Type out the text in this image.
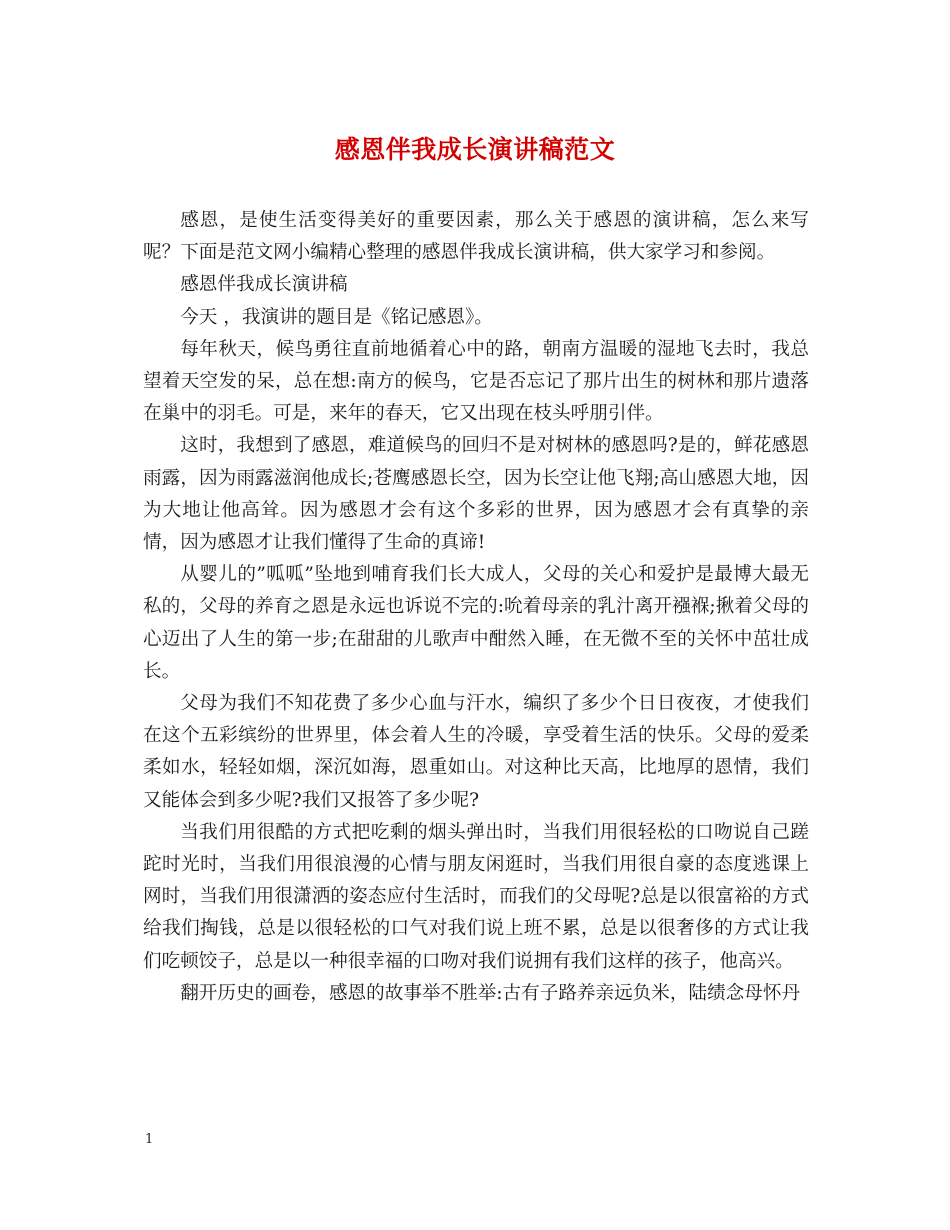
感恩伴我成长演讲稿范文

感恩，是使生活变得美好的重要因素，那么关于感恩的演讲稿，怎么来写呢？下面是范文网小编精心整理的感恩伴我成长演讲稿，供大家学习和参阅。

感恩伴我成长演讲稿

今天 ，我演讲的题目是《铭记感恩》。

每年秋天，候鸟勇往直前地循着心中的路，朝南方温暖的湿地飞去时，我总望着天空发的呆，总在想:南方的候鸟，它是否忘记了那片出生的树林和那片遗落在巢中的羽毛。可是，来年的春天，它又出现在枝头呼朋引伴。

这时，我想到了感恩，难道候鸟的回归不是对树林的感恩吗?是的，鲜花感恩雨露，因为雨露滋润他成长;苍鹰感恩长空，因为长空让他飞翔;高山感恩大地，因为大地让他高耸。因为感恩才会有这个多彩的世界，因为感恩才会有真挚的亲情，因为感恩才让我们懂得了生命的真谛!

从婴儿的”呱呱”坠地到哺育我们长大成人，父母的关心和爱护是最博大最无私的，父母的养育之恩是永远也诉说不完的:吮着母亲的乳汁离开襁褓;揪着父母的心迈出了人生的第一步;在甜甜的儿歌声中酣然入睡，在无微不至的关怀中茁壮成长。

父母为我们不知花费了多少心血与汗水，编织了多少个日日夜夜，才使我们在这个五彩缤纷的世界里，体会着人生的冷暖，享受着生活的快乐。父母的爱柔柔如水，轻轻如烟，深沉如海，恩重如山。对这种比天高，比地厚的恩情，我们又能体会到多少呢?我们又报答了多少呢?

当我们用很酷的方式把吃剩的烟头弹出时，当我们用很轻松的口吻说自己蹉跎时光时，当我们用很浪漫的心情与朋友闲逛时，当我们用很自豪的态度逃课上网时，当我们用很潇洒的姿态应付生活时，而我们的父母呢?总是以很富裕的方式给我们掏钱，总是以很轻松的口气对我们说上班不累，总是以很奢侈的方式让我们吃顿饺子，总是以一种很幸福的口吻对我们说拥有我们这样的孩子，他高兴。

翻开历史的画卷，感恩的故事举不胜举:古有子路养亲远负米，陆绩念母怀丹

1
